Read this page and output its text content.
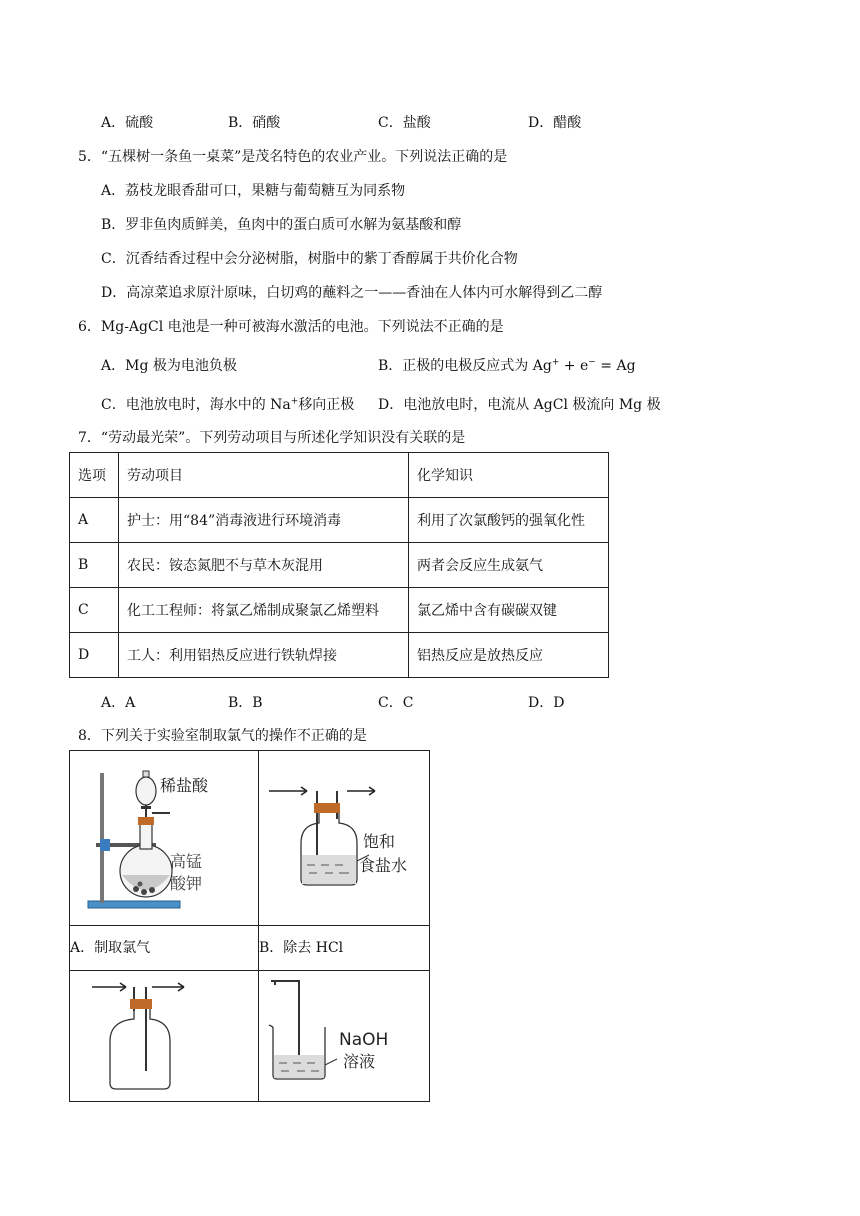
A．硫酸	B．硝酸	C．盐酸	D．醋酸
5．“五棵树一条鱼一桌菜”是茂名特色的农业产业。下列说法正确的是
A．荔枝龙眼香甜可口，果糖与葡萄糖互为同系物
B．罗非鱼肉质鲜美，鱼肉中的蛋白质可水解为氨基酸和醇
C．沉香结香过程中会分泌树脂，树脂中的紫丁香醇属于共价化合物
D．高凉菜追求原汁原味，白切鸡的蘸料之一——香油在人体内可水解得到乙二醇
6．Mg-AgCl 电池是一种可被海水激活的电池。下列说法不正确的是
A．Mg 极为电池负极	B．正极的电极反应式为 Ag+ + e− = Ag
C．电池放电时，海水中的 Na+移向正极 D．电池放电时，电流从 AgCl 极流向 Mg 极
7．“劳动最光荣”。下列劳动项目与所述化学知识没有关联的是
选项	劳动项目	化学知识
A	护士：用“84”消毒液进行环境消毒	利用了次氯酸钙的强氧化性
B	农民：铵态氮肥不与草木灰混用	两者会反应生成氨气
C	化工工程师：将氯乙烯制成聚氯乙烯塑料	氯乙烯中含有碳碳双键
D	工人：利用铝热反应进行铁轨焊接	铝热反应是放热反应
A．A	B．B	C．C	D．D
8．下列关于实验室制取氯气的操作不正确的是
稀盐酸
高锰
酸钾	饱和
食盐水

A．制取氯气	B．除去 HCl

NaOH
溶液
